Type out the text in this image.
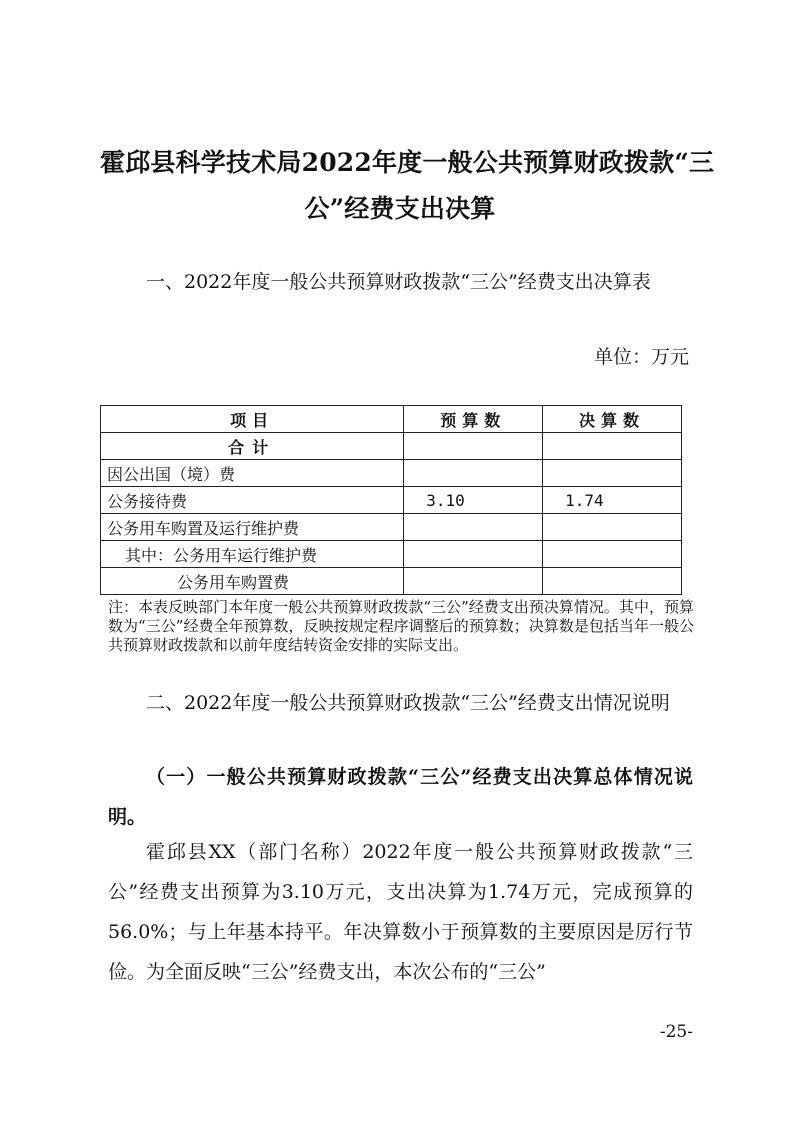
霍邱县科学技术局2022年度一般公共预算财政拨款“三
公”经费支出决算

一、2022年度一般公共预算财政拨款“三公”经费支出决算表

单位：万元

项目	预算数	决算数
合计		
因公出国（境）费		
公务接待费	3.10	1.74
公务用车购置及运行维护费		
其中：公务用车运行维护费		
公务用车购置费		

注：本表反映部门本年度一般公共预算财政拨款“三公”经费支出预决算情况。其中，预算数为“三公”经费全年预算数，反映按规定程序调整后的预算数；决算数是包括当年一般公共预算财政拨款和以前年度结转资金安排的实际支出。

二、2022年度一般公共预算财政拨款“三公”经费支出情况说明

（一）一般公共预算财政拨款“三公”经费支出决算总体情况说明。

霍邱县XX（部门名称）2022年度一般公共预算财政拨款“三公”经费支出预算为3.10万元，支出决算为1.74万元，完成预算的56.0%；与上年基本持平。年决算数小于预算数的主要原因是厉行节俭。为全面反映“三公”经费支出，本次公布的“三公”

-25-
